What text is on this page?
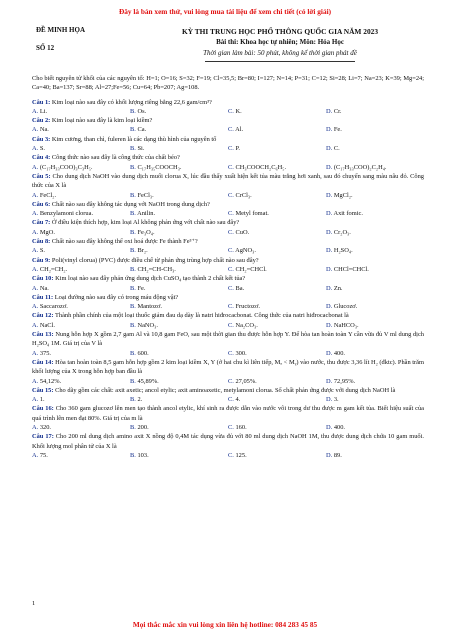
Đây là bản xem thử, vui lòng mua tài liệu để xem chi tiết (có lời giải)
ĐỀ MINH HỌA
SỐ 12
KỲ THI TRUNG HỌC PHỔ THÔNG QUỐC GIA NĂM 2023
Bài thi: Khoa học tự nhiên; Môn: Hóa Học
Thời gian làm bài: 50 phút, không kể thời gian phát đề
Cho biết nguyên tử khối của các nguyên tố: H=1; O=16; S=32; F=19; Cl=35,5; Br=80; I=127; N=14; P=31; C=12; Si=28; Li=7; Na=23; K=39; Mg=24; Ca=40; Ba=137; Sr=88; Al=27;Fe=56; Cu=64; Pb=207; Ag=108.
Câu 1: Kim loại nào sau đây có khối lượng riêng bằng 22,6 gam/cm³?
A. Li.	B. Os.	C. K.	D. Cr.
Câu 2: Kim loại nào sau đây là kim loại kiềm?
A. Na.	B. Ca.	C. Al.	D. Fe.
Câu 3: Kim cương, than chì, fuleren là các dạng thù hình của nguyên tố
A. S.	B. Si.	C. P.	D. C.
Câu 4: Công thức nào sau đây là công thức của chất béo?
A. (C₁₇H₃₃COO)₃C₃H₅.	B. C₁₇H₃₅COOCH₃.	C. CH₃COOCH₂C₆H₅.	D. (C₁₇H₃₃COO)₂C₂H₄.
Câu 5: Cho dung dịch NaOH vào dung dịch muối clorua X, lúc đầu thấy xuất hiện kết tủa màu trắng hơi xanh, sau đó chuyển sang màu nâu đỏ. Công thức của X là
A. FeCl₂.	B. FeCl₃.	C. CrCl₃.	D. MgCl₂.
Câu 6: Chất nào sau đây không tác dụng với NaOH trong dung dịch?
A. Benzylamoni clorua.	B. Anilin.	C. Metyl fomat.	D. Axit fomic.
Câu 7: Ở điều kiện thích hợp, kim loại Al không phản ứng với chất nào sau đây?
A. MgO.	B. Fe₃O₄.	C. CuO.	D. Cr₂O₃.
Câu 8: Chất nào sau đây không thể oxi hoá được Fe thành Fe³⁺?
A. S.	B. Br₂.	C. AgNO₃.	D. H₂SO₄.
Câu 9: Poli(vinyl clorua) (PVC) được điều chế từ phản ứng trùng hợp chất nào sau đây?
A. CH₂=CH₂.	B. CH₂=CH-CH₃.	C. CH₂=CHCl.	D. CHCl=CHCl.
Câu 10: Kim loại nào sau đây phản ứng dung dịch CuSO₄ tạo thành 2 chất kết tủa?
A. Na.	B. Fe.	C. Ba.	D. Zn.
Câu 11: Loại đường nào sau đây có trong máu động vật?
A. Saccarozơ.	B. Mantozơ.	C. Fructozơ.	D. Glucozơ.
Câu 12: Thành phần chính của một loại thuốc giảm đau dạ dày là natri hiđrocacbonat. Công thức của natri hiđrocacbonat là
A. NaCl.	B. NaNO₃.	C. Na₂CO₃.	D. NaHCO₃.
Câu 13: Nung hỗn hợp X gồm 2,7 gam Al và 10,8 gam FeO, sau một thời gian thu được hỗn hợp Y. Để hòa tan hoàn toàn Y cần vừa đủ V ml dung dịch H₂SO₄ 1M. Giá trị của V là
A. 375.	B. 600.	C. 300.	D. 400.
Câu 14: Hòa tan hoàn toàn 8,5 gam hỗn hợp gồm 2 kim loại kiềm X, Y (ở hai chu kì liên tiếp, Mₓ < Mᵧ) vào nước, thu được 3,36 lít H₂ (đktc). Phần trăm khối lượng của X trong hỗn hợp ban đầu là
A. 54,12%.	B. 45,89%.	C. 27,05%.	D. 72,95%.
Câu 15: Cho dãy gồm các chất: axit axetic; ancol etylic; axit aminoaxetic, metylamoni clorua. Số chất phản ứng được với dung dịch NaOH là
A. 1.	B. 2.	C. 4.	D. 3.
Câu 16: Cho 360 gam glucozơ lên men tạo thành ancol etylic, khí sinh ra được dẫn vào nước vôi trong dư thu được m gam kết tủa. Biết hiệu suất của quá trình lên men đạt 80%. Giá trị của m là
A. 320.	B. 200.	C. 160.	D. 400.
Câu 17: Cho 200 ml dung dịch amino axit X nồng độ 0,4M tác dụng vừa đủ với 80 ml dung dịch NaOH 1M, thu được dung dịch chứa 10 gam muối. Khối lượng mol phân tử của X là
A. 75.	B. 103.	C. 125.	D. 89.
1
Mọi thắc mắc xin vui lòng xin liên hệ hotline: 084 283 45 85
